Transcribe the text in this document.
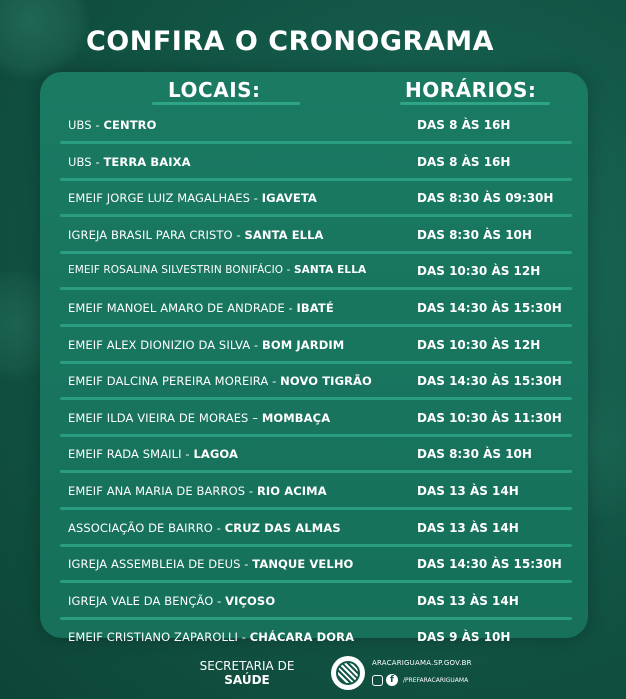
CONFIRA O CRONOGRAMA
LOCAIS:	HORÁRIOS:
UBS - CENTRO	DAS 8 ÀS 16H
UBS - TERRA BAIXA	DAS 8 ÀS 16H
EMEIF JORGE LUIZ MAGALHAES - IGAVETA	DAS 8:30 ÀS 09:30H
IGREJA BRASIL PARA CRISTO - SANTA ELLA	DAS 8:30 ÀS 10H
EMEIF ROSALINA SILVESTRIN BONIFÁCIO - SANTA ELLA	DAS 10:30 ÀS 12H
EMEIF MANOEL AMARO DE ANDRADE - IBATÉ	DAS 14:30 ÀS 15:30H
EMEIF ALEX DIONIZIO DA SILVA - BOM JARDIM	DAS 10:30 ÀS 12H
EMEIF DALCINA PEREIRA MOREIRA - NOVO TIGRÃO	DAS 14:30 ÀS 15:30H
EMEIF ILDA VIEIRA DE MORAES – MOMBAÇA	DAS 10:30 ÀS 11:30H
EMEIF RADA SMAILI - LAGOA	DAS 8:30 ÀS 10H
EMEIF ANA MARIA DE BARROS - RIO ACIMA	DAS 13 ÀS 14H
ASSOCIAÇÃO DE BAIRRO - CRUZ DAS ALMAS	DAS 13 ÀS 14H
IGREJA ASSEMBLEIA DE DEUS - TANQUE VELHO	DAS 14:30 ÀS 15:30H
IGREJA VALE DA BENÇÃO - VIÇOSO	DAS 13 ÀS 14H
EMEIF CRISTIANO ZAPAROLLI - CHÁCARA DORA	DAS 9 ÀS 10H
SECRETARIA DE
SAÚDE
ARACARIGUAMA.SP.GOV.BR
f	/PREFARACARIGUAMA
